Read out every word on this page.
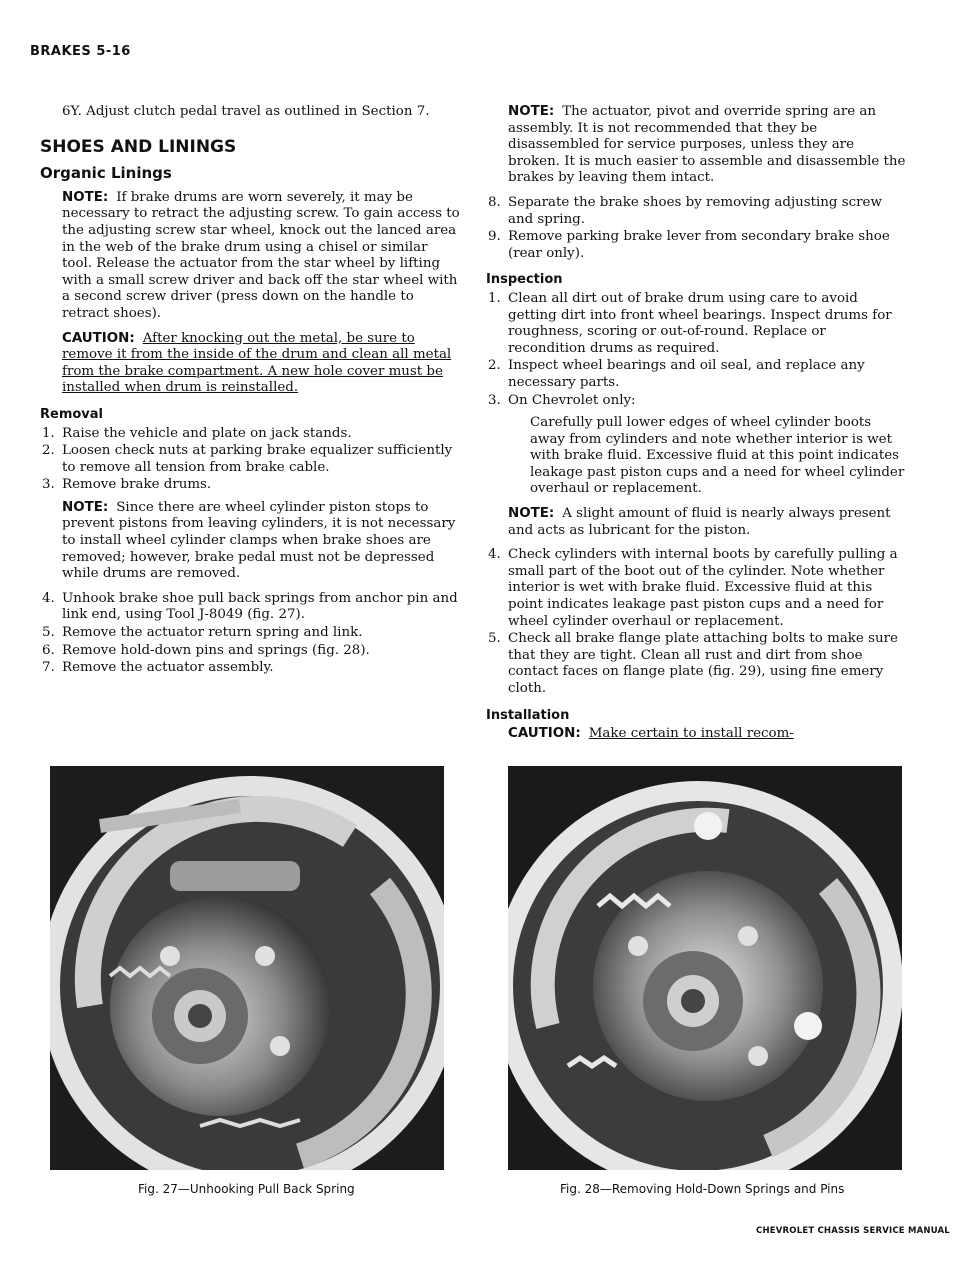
BRAKES 5-16

6Y. Adjust clutch pedal travel as outlined in Section 7.

SHOES AND LININGS
Organic Linings

NOTE: If brake drums are worn severely, it may be necessary to retract the adjusting screw. To gain access to the adjusting screw star wheel, knock out the lanced area in the web of the brake drum using a chisel or similar tool. Release the actuator from the star wheel by lifting with a small screw driver and back off the star wheel with a second screw driver (press down on the handle to retract shoes).

CAUTION: After knocking out the metal, be sure to remove it from the inside of the drum and clean all metal from the brake compartment. A new hole cover must be installed when drum is reinstalled.

Removal
1. Raise the vehicle and plate on jack stands.
2. Loosen check nuts at parking brake equalizer sufficiently to remove all tension from brake cable.
3. Remove brake drums.

NOTE: Since there are wheel cylinder piston stops to prevent pistons from leaving cylinders, it is not necessary to install wheel cylinder clamps when brake shoes are removed; however, brake pedal must not be depressed while drums are removed.

4. Unhook brake shoe pull back springs from anchor pin and link end, using Tool J-8049 (fig. 27).
5. Remove the actuator return spring and link.
6. Remove hold-down pins and springs (fig. 28).
7. Remove the actuator assembly.

NOTE: The actuator, pivot and override spring are an assembly. It is not recommended that they be disassembled for service purposes, unless they are broken. It is much easier to assemble and disassemble the brakes by leaving them intact.

8. Separate the brake shoes by removing adjusting screw and spring.
9. Remove parking brake lever from secondary brake shoe (rear only).
Inspection
1. Clean all dirt out of brake drum using care to avoid getting dirt into front wheel bearings. Inspect drums for roughness, scoring or out-of-round. Replace or recondition drums as required.
2. Inspect wheel bearings and oil seal, and replace any necessary parts.
3. On Chevrolet only:

Carefully pull lower edges of wheel cylinder boots away from cylinders and note whether interior is wet with brake fluid. Excessive fluid at this point indicates leakage past piston cups and a need for wheel cylinder overhaul or replacement.

NOTE: A slight amount of fluid is nearly always present and acts as lubricant for the piston.

4. Check cylinders with internal boots by carefully pulling a small part of the boot out of the cylinder. Note whether interior is wet with brake fluid. Excessive fluid at this point indicates leakage past piston cups and a need for wheel cylinder overhaul or replacement.
5. Check all brake flange plate attaching bolts to make sure that they are tight. Clean all rust and dirt from shoe contact faces on flange plate (fig. 29), using fine emery cloth.
Installation

CAUTION: Make certain to install recom-

Fig. 27—Unhooking Pull Back Spring	Fig. 28—Removing Hold-Down Springs and Pins
CHEVROLET CHASSIS SERVICE MANUAL
